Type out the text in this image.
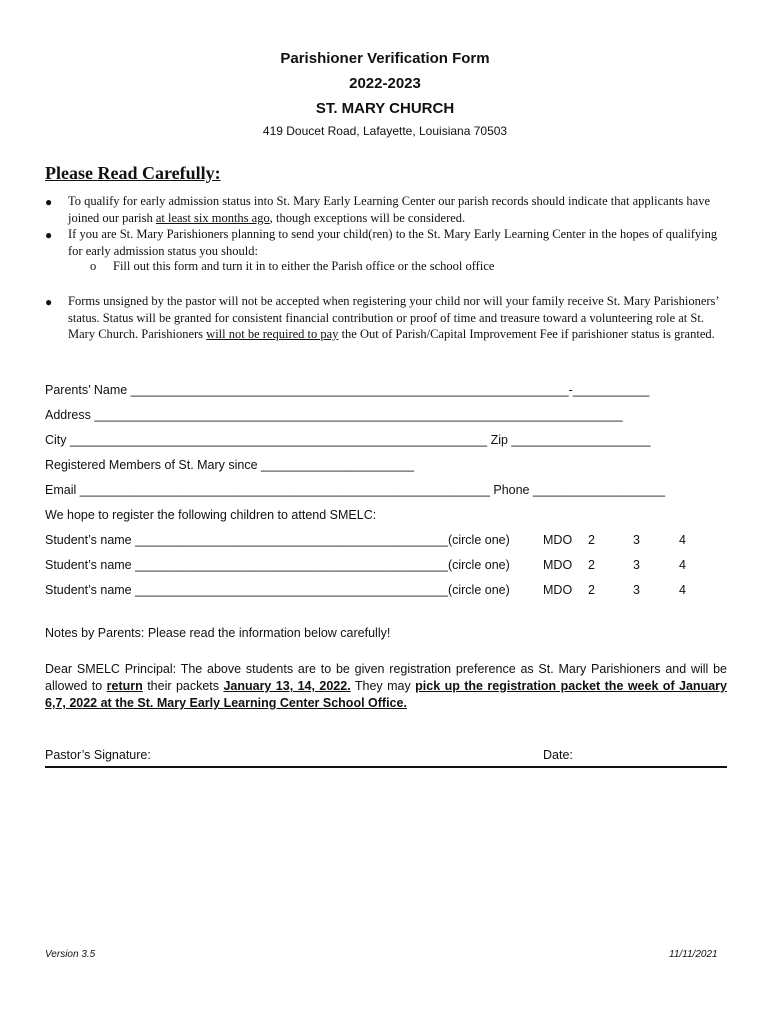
Parishioner Verification Form
2022-2023
ST. MARY CHURCH
419 Doucet Road, Lafayette, Louisiana 70503
Please Read Carefully:
● To qualify for early admission status into St. Mary Early Learning Center our parish records should indicate that applicants have joined our parish at least six months ago, though exceptions will be considered.
● If you are St. Mary Parishioners planning to send your child(ren) to the St. Mary Early Learning Center in the hopes of qualifying for early admission status you should:
o Fill out this form and turn it in to either the Parish office or the school office
● Forms unsigned by the pastor will not be accepted when registering your child nor will your family receive St. Mary Parishioners’ status. Status will be granted for consistent financial contribution or proof of time and treasure toward a volunteering role at St. Mary Church. Parishioners will not be required to pay the Out of Parish/Capital Improvement Fee if parishioner status is granted.
Parents’ Name _______________________________________________________________-___________
Address ____________________________________________________________________________
City ____________________________________________________________ Zip ____________________
Registered Members of St. Mary since ______________________
Email ___________________________________________________________ Phone ___________________
We hope to register the following children to attend SMELC:
Student’s name _____________________________________________(circle one)	MDO 2	3	4
Student’s name _____________________________________________(circle one)	MDO 2	3	4
Student’s name _____________________________________________(circle one)	MDO 2	3	4
Notes by Parents: Please read the information below carefully!
Dear SMELC Principal: The above students are to be given registration preference as St. Mary Parishioners and will be allowed to return their packets January 13, 14, 2022. They may pick up the registration packet the week of January 6,7, 2022 at the St. Mary Early Learning Center School Office.
Pastor’s Signature:	Date:
Version 3.5	11/11/2021
